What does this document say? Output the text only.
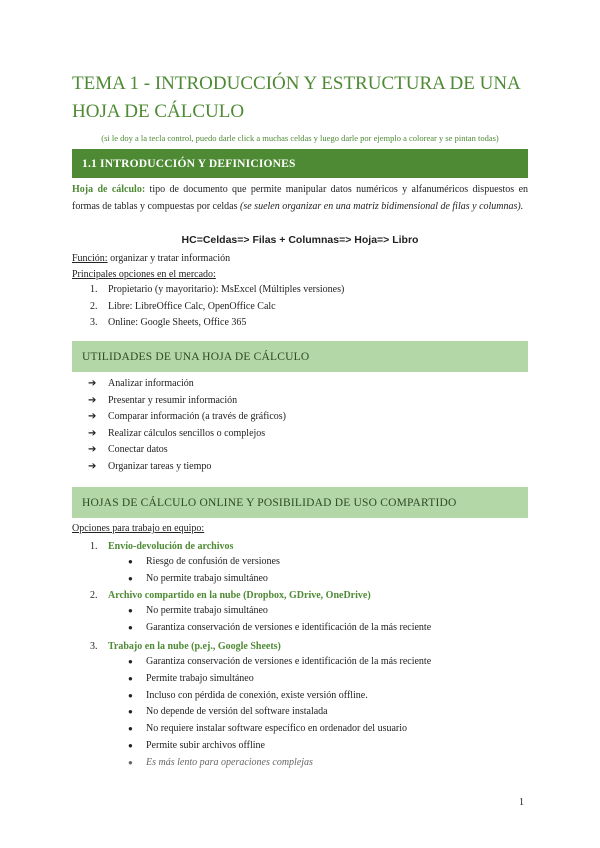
TEMA 1 - INTRODUCCIÓN Y ESTRUCTURA DE UNA HOJA DE CÁLCULO

(si le doy a la tecla control, puedo darle click a muchas celdas y luego darle por ejemplo a colorear y se pintan todas)

1.1 INTRODUCCIÓN Y DEFINICIONES

Hoja de cálculo: tipo de documento que permite manipular datos numéricos y alfanuméricos dispuestos en formas de tablas y compuestas por celdas (se suelen organizar en una matriz bidimensional de filas y columnas).

HC=Celdas=> Filas + Columnas=> Hoja=> Libro
Función: organizar y tratar información
Principales opciones en el mercado:
1. Propietario (y mayoritario): MsExcel (Múltiples versiones)
2. Libre: LibreOffice Calc, OpenOffice Calc
3. Online: Google Sheets, Office 365
UTILIDADES DE UNA HOJA DE CÁLCULO
➔ Analizar información
➔ Presentar y resumir información
➔ Comparar información (a través de gráficos)
➔ Realizar cálculos sencillos o complejos
➔ Conectar datos
➔ Organizar tareas y tiempo
HOJAS DE CÁLCULO ONLINE Y POSIBILIDAD DE USO COMPARTIDO
Opciones para trabajo en equipo:
1. Envío-devolución de archivos
● Riesgo de confusión de versiones
● No permite trabajo simultáneo
2. Archivo compartido en la nube (Dropbox, GDrive, OneDrive)
● No permite trabajo simultáneo
● Garantiza conservación de versiones e identificación de la más reciente
3. Trabajo en la nube (p.ej., Google Sheets)
● Garantiza conservación de versiones e identificación de la más reciente
● Permite trabajo simultáneo
● Incluso con pérdida de conexión, existe versión offline.
● No depende de versión del software instalada
● No requiere instalar software específico en ordenador del usuario
● Permite subir archivos offline
● Es más lento para operaciones complejas
1
